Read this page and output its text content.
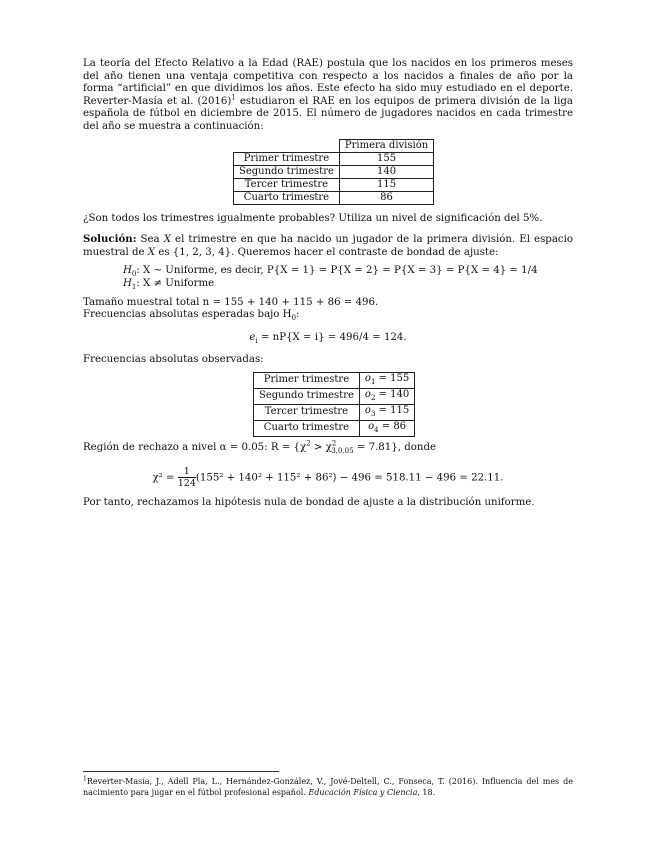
La teoría del Efecto Relativo a la Edad (RAE) postula que los nacidos en los primeros meses del año tienen una ventaja competitiva con respecto a los nacidos a finales de año por la forma “artificial” en que dividimos los años. Este efecto ha sido muy estudiado en el deporte. Reverter-Masía et al. $(2016)^1$ estudiaron el RAE en los equipos de primera división de la liga española de fútbol en diciembre de 2015. El número de jugadores nacidos en cada trimestre del año se muestra a continuación:

	Primera división
Primer trimestre	155
Segundo trimestre	140
Tercer trimestre	115
Cuarto trimestre	86

¿Son todos los trimestres igualmente probables? Utiliza un nivel de significación del 5%.

Solución: Sea X el trimestre en que ha nacido un jugador de la primera división. El espacio muestral de X es {1, 2, 3, 4}. Queremos hacer el contraste de bondad de ajuste:

$H_0$: X ∼ Uniforme, es decir, P{X = 1} = P{X = 2} = P{X = 3} = P{X = 4} = 1/4
$H_1$: X ≠ Uniforme

Tamaño muestral total n = 155 + 140 + 115 + 86 = 496.

Frecuencias absolutas esperadas bajo $H_0$:

$e_i = nP\{X = i\} = 496/4 = 124$.

Frecuencias absolutas observadas:

Primer trimestre	$o_1 = 155$
Segundo trimestre	$o_2 = 140$
Tercer trimestre	$o_3 = 115$
Cuarto trimestre	$o_4 = 86$

Región de rechazo a nivel α = 0.05: $R = \{\chi^2 > \chi^2_{3,0.05} = 7.81\}$, donde

$\chi^2 = \frac{1}{124} (155^2 + 140^2 + 115^2 + 86^2) - 496 = 518.11 - 496 = 22.11$.

Por tanto, rechazamos la hipótesis nula de bondad de ajuste a la distribución uniforme.

$^1$Reverter-Masía, J., Adell Pla, L., Hernández-González, V., Jové-Deltell, C., Fonseca, T. (2016). Influencia del mes de nacimiento para jugar en el fútbol profesional español. Educación Física y Ciencia, 18.
